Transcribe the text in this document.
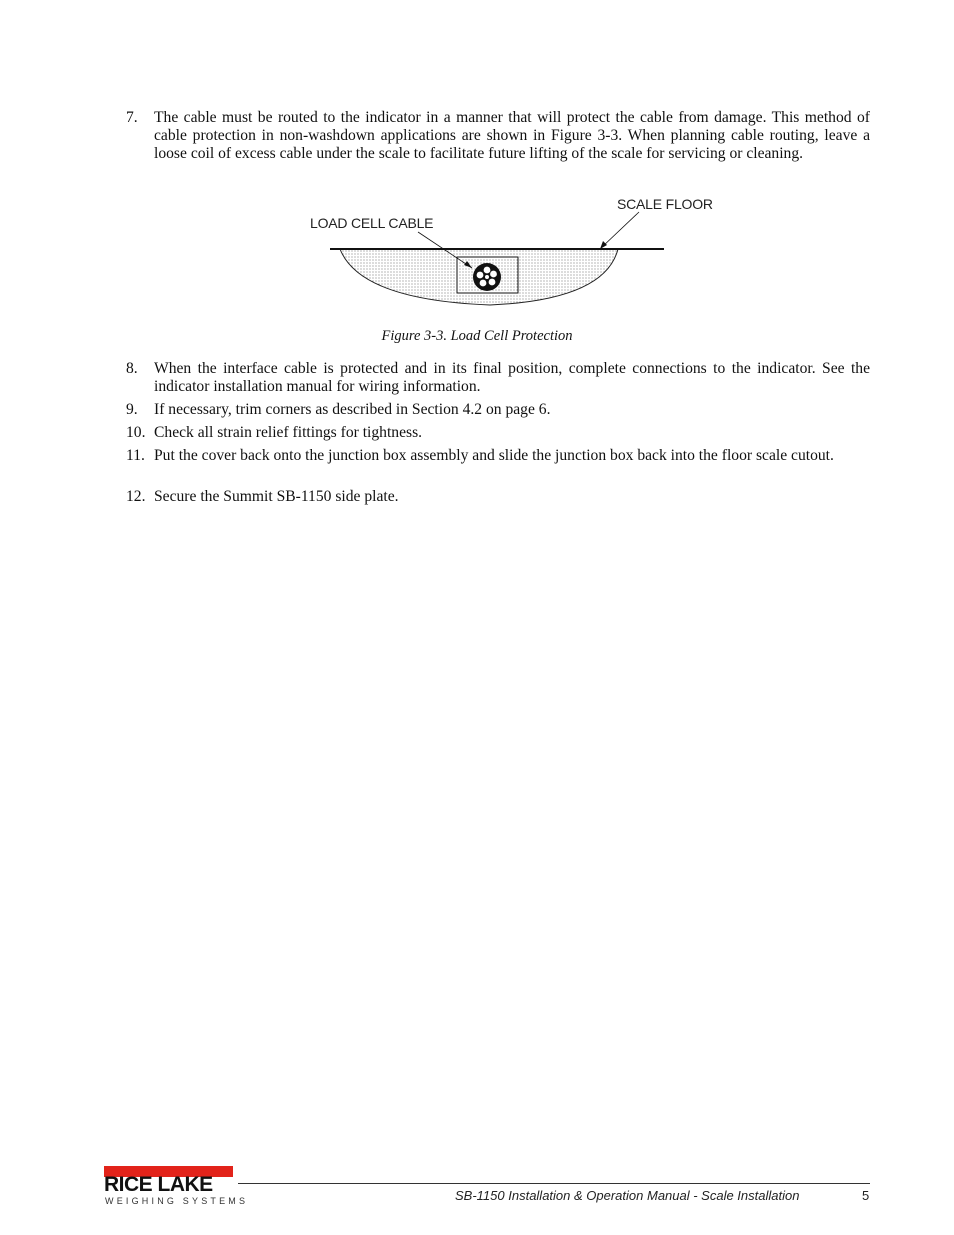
7. The cable must be routed to the indicator in a manner that will protect the cable from damage. This method of cable protection in non-washdown applications are shown in Figure 3-3. When planning cable routing, leave a loose coil of excess cable under the scale to facilitate future lifting of the scale for servicing or cleaning.
SCALE FLOOR
LOAD CELL CABLE
Figure 3-3. Load Cell Protection
8. When the interface cable is protected and in its final position, complete connections to the indicator. See the indicator installation manual for wiring information.
9. If necessary, trim corners as described in Section 4.2 on page 6.
10. Check all strain relief fittings for tightness.
11. Put the cover back onto the junction box assembly and slide the junction box back into the floor scale cutout.
12. Secure the Summit SB-1150 side plate.
RICE LAKE
WEIGHING SYSTEMS	SB-1150 Installation & Operation Manual - Scale Installation	5
